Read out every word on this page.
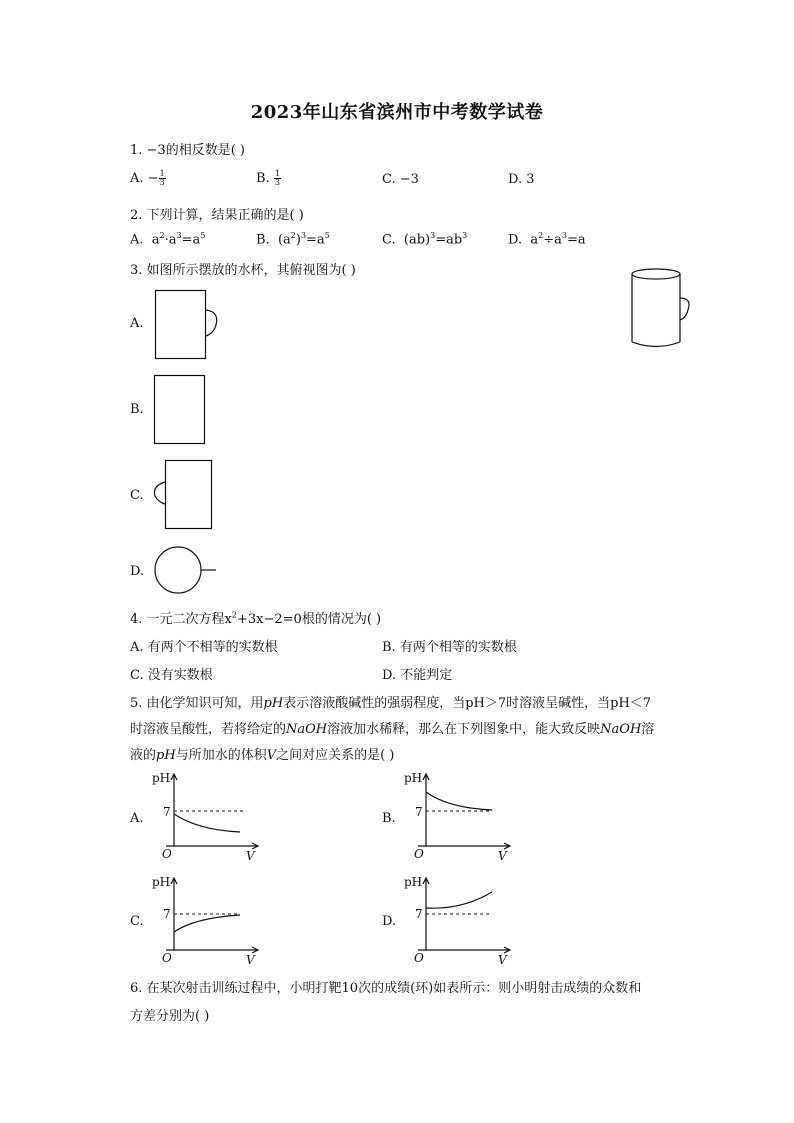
2023年山东省滨州市中考数学试卷
1. −3的相反数是( )
A. − $\frac{1}{3}$	B. $\frac{1}{3}$	C. −3	D. 3
2. 下列计算，结果正确的是( )
A.  $a^2\cdot a^3=a^5$	B.  $(a^2)^3=a^5$	C.  $(ab)^3=ab^3$	D.  $a^2\div a^3=a$
3. 如图所示摆放的水杯，其俯视图为( )
A.
B.
C.
D.
4. 一元二次方程$x^2+3x-2=0$根的情况为( )
A. 有两个不相等的实数根	B. 有两个相等的实数根
C. 没有实数根	D. 不能判定
5. 由化学知识可知，用pH表示溶液酸碱性的强弱程度，当pH＞7时溶液呈碱性，当pH＜7
时溶液呈酸性，若将给定的NaOH溶液加水稀释，那么在下列图象中，能大致反映NaOH溶
液的pH与所加水的体积V之间对应关系的是( )
A.
pH
7
O	V
B.
pH
7
O	V
C.
pH
7
O	V
D.
pH
7
O	V
6. 在某次射击训练过程中，小明打靶10次的成绩(环)如表所示：则小明射击成绩的众数和
方差分别为( )
